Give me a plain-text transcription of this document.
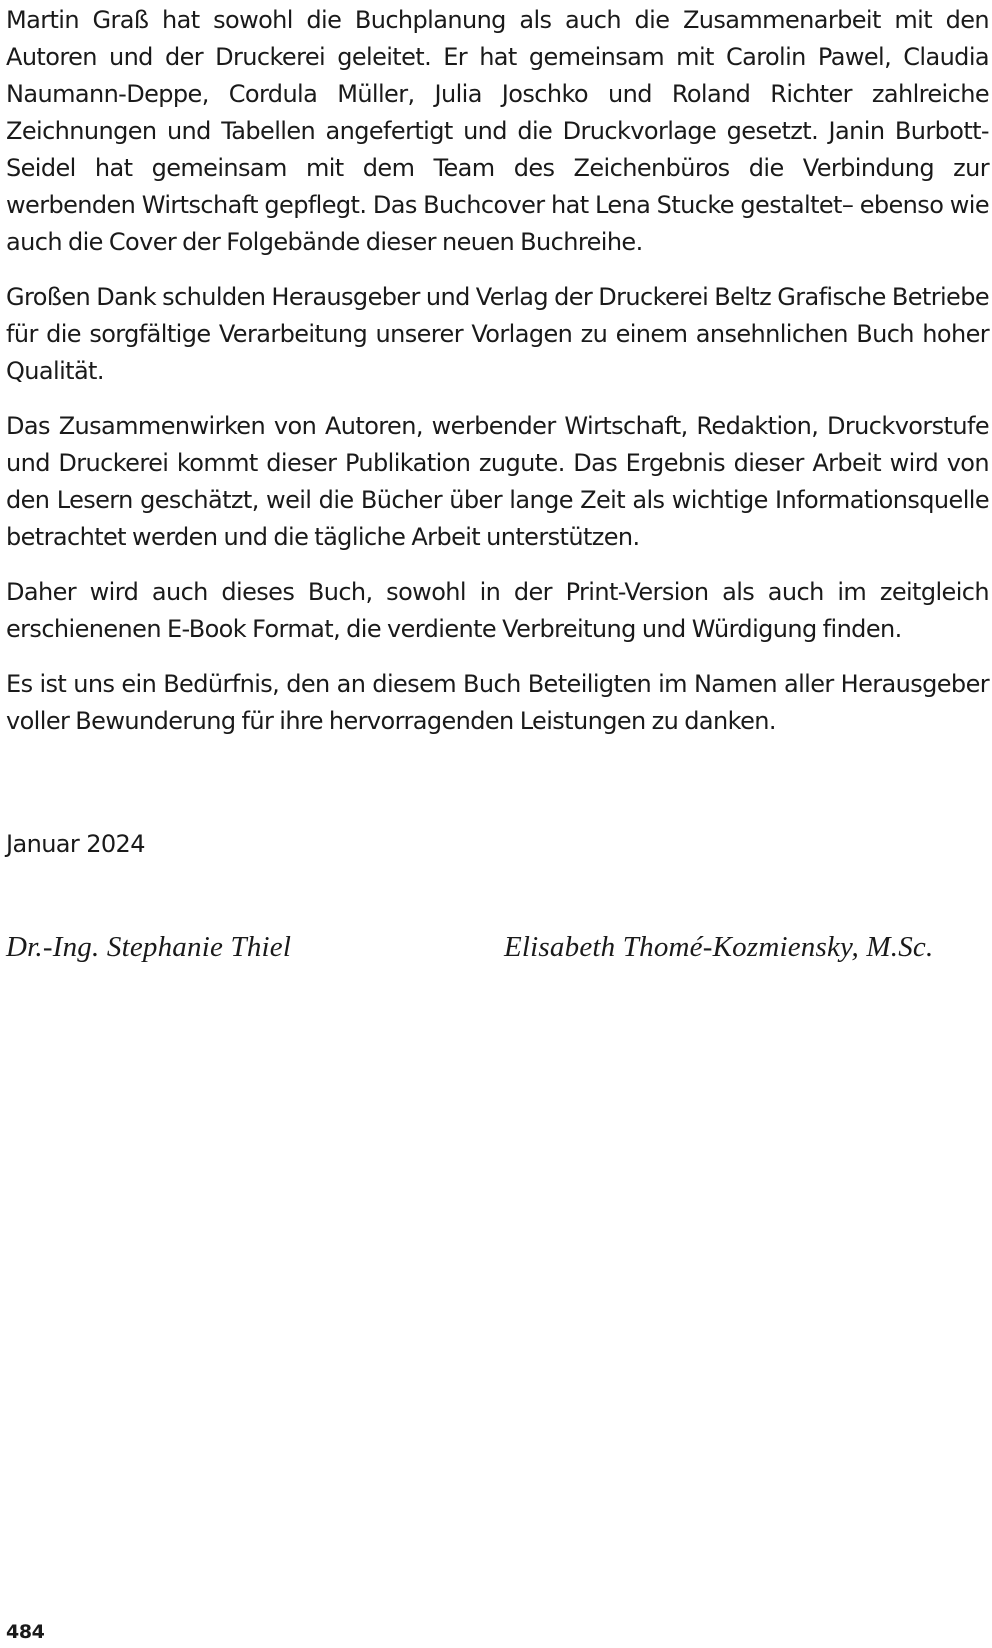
Martin Graß hat sowohl die Buchplanung als auch die Zusammenarbeit mit den Autoren und der Druckerei geleitet. Er hat gemeinsam mit Carolin Pawel, Claudia Naumann-Deppe, Cordula Müller, Julia Joschko und Roland Richter zahlreiche Zeichnungen und Tabellen angefertigt und die Druckvorlage gesetzt. Janin Burbott-Seidel hat gemeinsam mit dem Team des Zeichenbüros die Verbindung zur werbenden Wirtschaft gepflegt. Das Buchcover hat Lena Stucke gestaltet– ebenso wie auch die Cover der Folgebände dieser neuen Buchreihe.

Großen Dank schulden Herausgeber und Verlag der Druckerei Beltz Grafische Betriebe für die sorgfältige Verarbeitung unserer Vorlagen zu einem ansehnlichen Buch hoher Qualität.

Das Zusammenwirken von Autoren, werbender Wirtschaft, Redaktion, Druckvorstufe und Druckerei kommt dieser Publikation zugute. Das Ergebnis dieser Arbeit wird von den Lesern geschätzt, weil die Bücher über lange Zeit als wichtige Informationsquelle betrachtet werden und die tägliche Arbeit unterstützen.

Daher wird auch dieses Buch, sowohl in der Print-Version als auch im zeitgleich erschienenen E-Book Format, die verdiente Verbreitung und Würdigung finden.

Es ist uns ein Bedürfnis, den an diesem Buch Beteiligten im Namen aller Herausgeber voller Bewunderung für ihre hervorragenden Leistungen zu danken.

Januar 2024
Dr.-Ing. Stephanie Thiel	Elisabeth Thomé-Kozmiensky, M.Sc.
484
